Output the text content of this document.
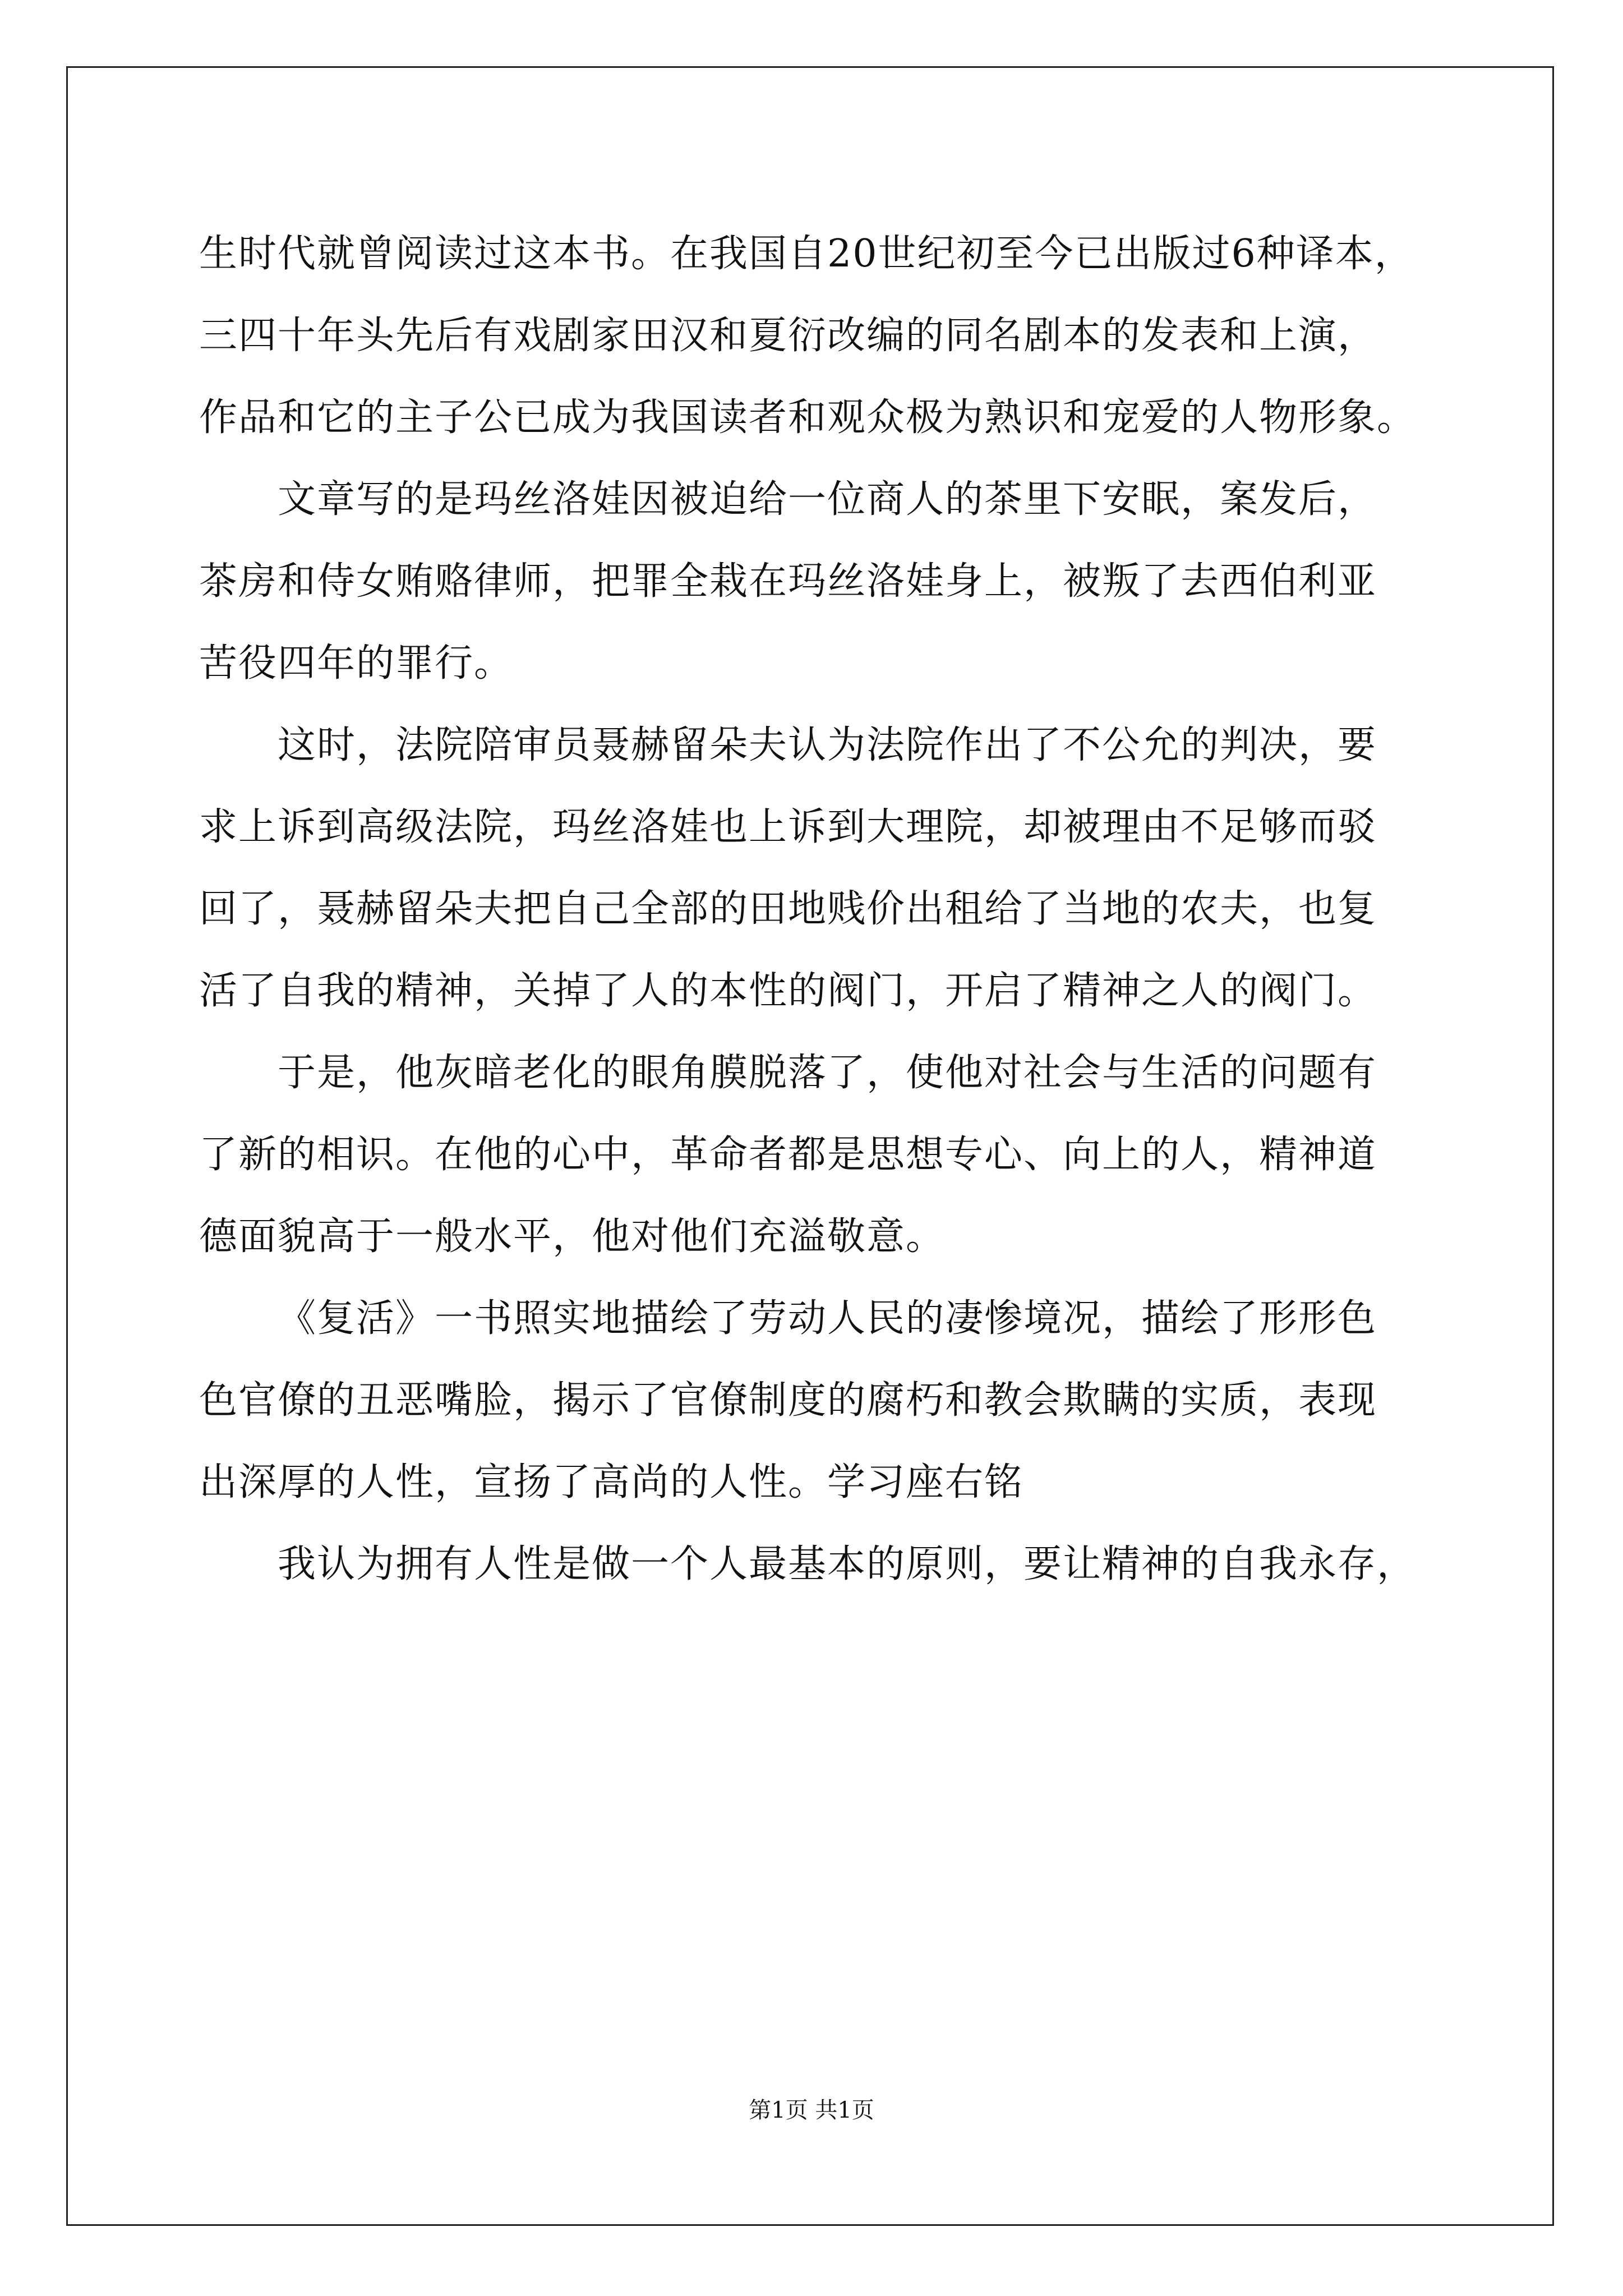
生时代就曾阅读过这本书。在我国自20世纪初至今已出版过6种译本，
三四十年头先后有戏剧家田汉和夏衍改编的同名剧本的发表和上演，
作品和它的主子公已成为我国读者和观众极为熟识和宠爱的人物形象。
文章写的是玛丝洛娃因被迫给一位商人的茶里下安眠，案发后，
茶房和侍女贿赂律师，把罪全栽在玛丝洛娃身上，被叛了去西伯利亚
苦役四年的罪行。
这时，法院陪审员聂赫留朵夫认为法院作出了不公允的判决，要
求上诉到高级法院，玛丝洛娃也上诉到大理院，却被理由不足够而驳
回了，聂赫留朵夫把自己全部的田地贱价出租给了当地的农夫，也复
活了自我的精神，关掉了人的本性的阀门，开启了精神之人的阀门。
于是，他灰暗老化的眼角膜脱落了，使他对社会与生活的问题有
了新的相识。在他的心中，革命者都是思想专心、向上的人，精神道
德面貌高于一般水平，他对他们充溢敬意。
《复活》一书照实地描绘了劳动人民的凄惨境况，描绘了形形色
色官僚的丑恶嘴脸，揭示了官僚制度的腐朽和教会欺瞒的实质，表现
出深厚的人性，宣扬了高尚的人性。学习座右铭
我认为拥有人性是做一个人最基本的原则，要让精神的自我永存，
第1页 共1页
